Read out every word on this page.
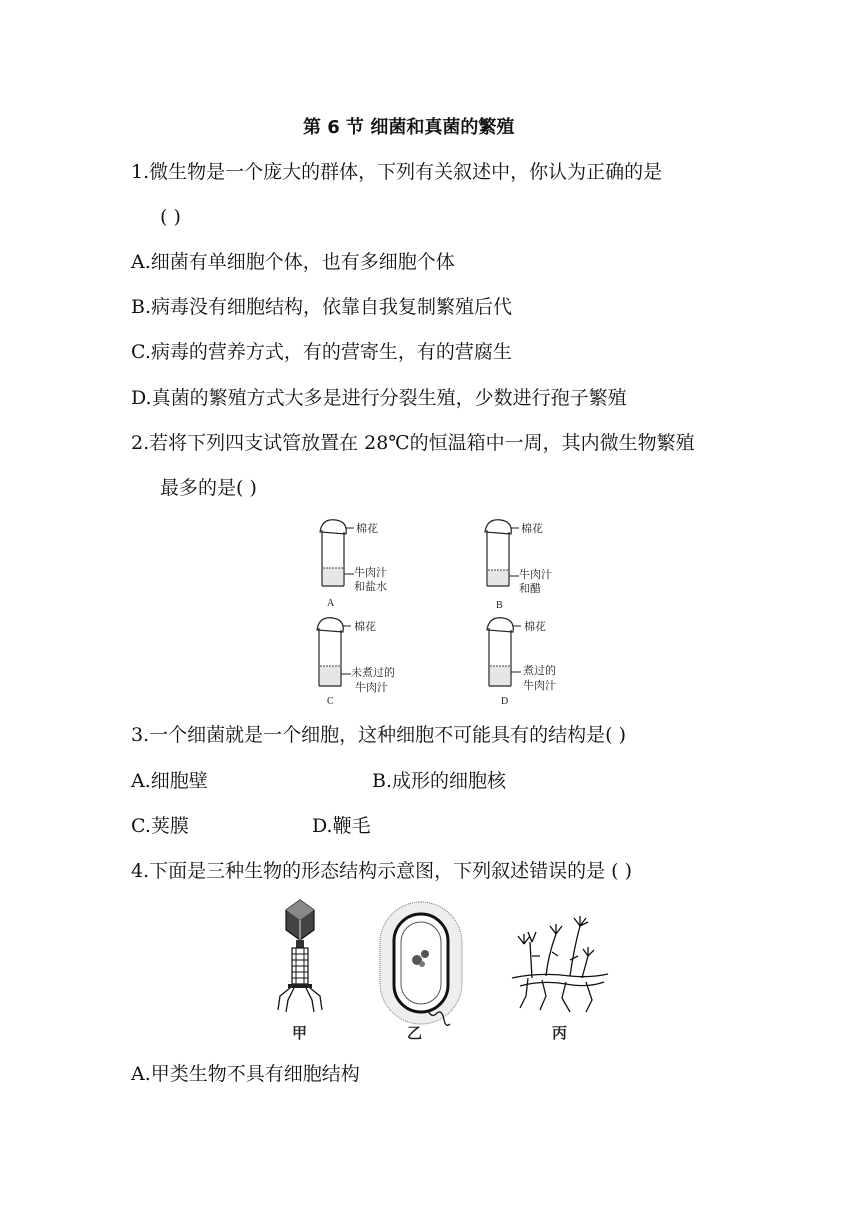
第 6 节 细菌和真菌的繁殖
1.微生物是一个庞大的群体，下列有关叙述中，你认为正确的是
( )
A.细菌有单细胞个体，也有多细胞个体
B.病毒没有细胞结构，依靠自我复制繁殖后代
C.病毒的营养方式，有的营寄生，有的营腐生
D.真菌的繁殖方式大多是进行分裂生殖，少数进行孢子繁殖
2.若将下列四支试管放置在 28℃的恒温箱中一周，其内微生物繁殖
最多的是( )
棉花
牛肉汁
和盐水
A
棉花
牛肉汁
和醋
B
棉花
未煮过的
牛肉汁
C
棉花
煮过的
牛肉汁
D
3.一个细菌就是一个细胞，这种细胞不可能具有的结构是( )
A.细胞壁	B.成形的细胞核
C.荚膜	D.鞭毛
4.下面是三种生物的形态结构示意图，下列叙述错误的是 ( )
甲	乙	丙
A.甲类生物不具有细胞结构
